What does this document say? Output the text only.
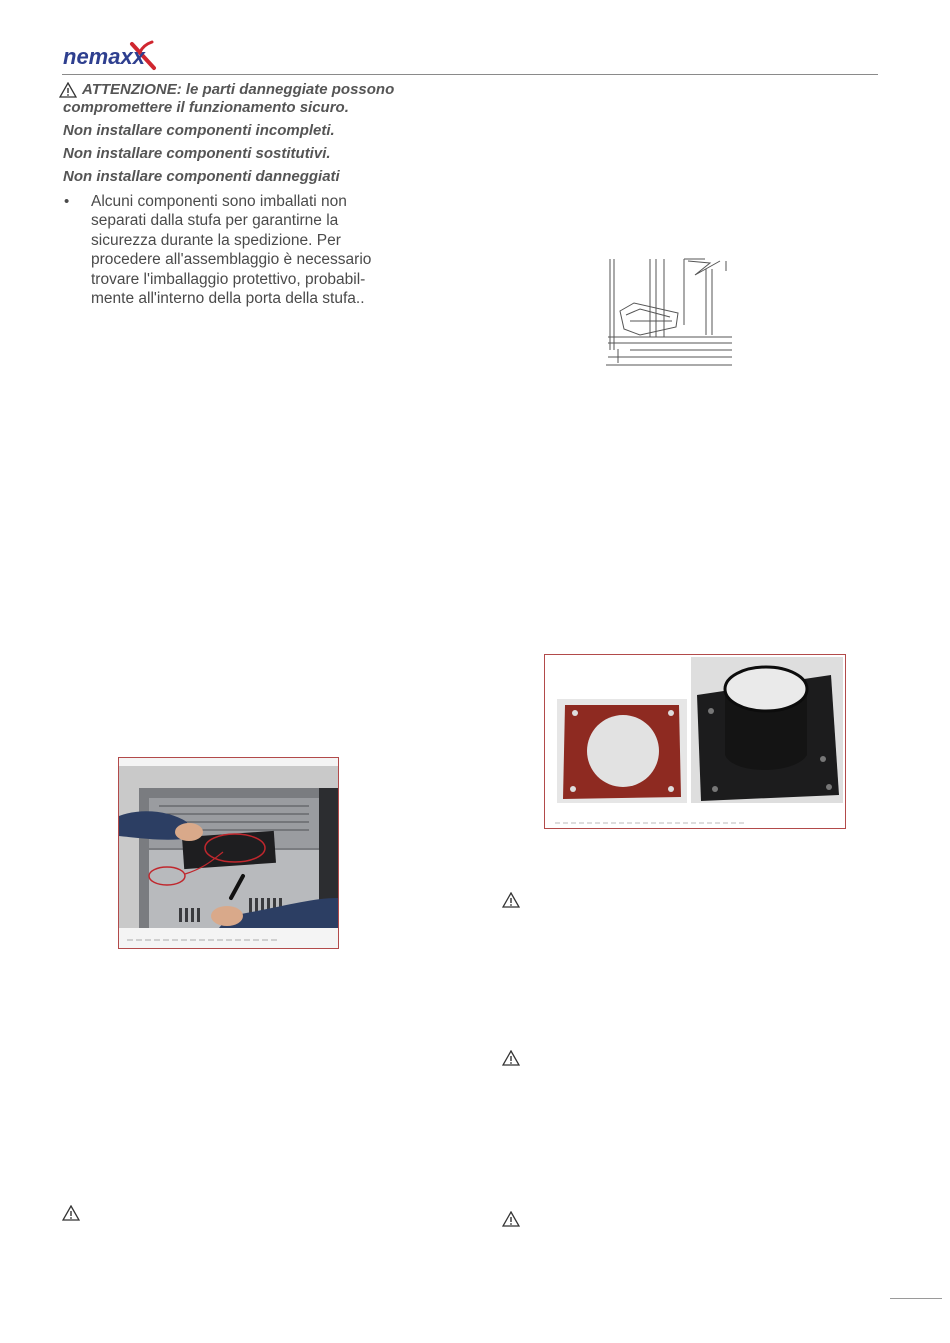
nemaxx
ATTENZIONE: le parti danneggiate possono
compromettere il funzionamento sicuro.
Non installare componenti incompleti.
Non installare componenti sostitutivi.
Non installare componenti danneggiati
• Alcuni componenti sono imballati non
separati dalla stufa per garantirne la
sicurezza durante la spedizione. Per
procedere all'assemblaggio è necessario
trovare l'imballaggio protettivo, probabil-
mente all'interno della porta della stufa..
